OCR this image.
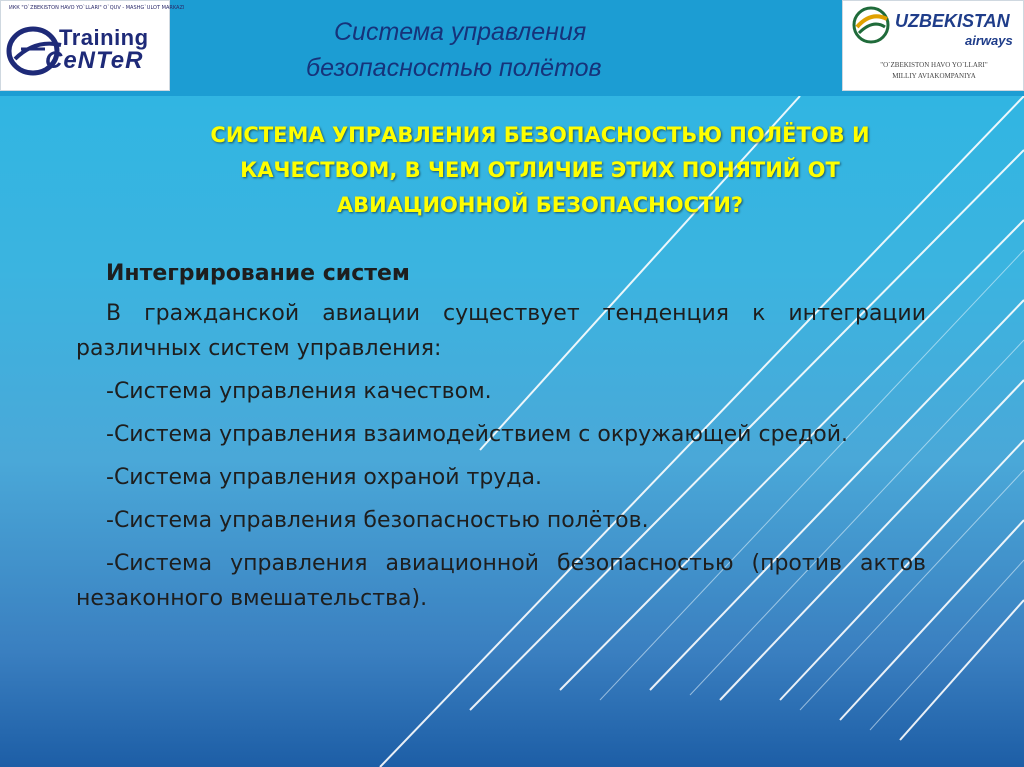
ИКК "O`ZBEKISTON HAVO YO`LLARI" O`QUV - MASHG`ULOT MARKAZI
Training
CeNTeR
Система управления
безопасностью полётов
UZBEKISTAN
airways
"O`ZBEKISTON HAVO YO`LLARI"
MILLIY AVIAKOMPANIYA
СИСТЕМА УПРАВЛЕНИЯ БЕЗОПАСНОСТЬЮ ПОЛЁТОВ И
КАЧЕСТВОМ, В ЧЕМ ОТЛИЧИЕ ЭТИХ ПОНЯТИЙ ОТ
АВИАЦИОННОЙ БЕЗОПАСНОСТИ?
Интегрирование систем

В гражданской авиации существует тенденция к интеграции различных систем управления:

-Система управления качеством.

-Система управления взаимодействием с окружающей средой.

-Система управления охраной труда.

-Система управления безопасностью полётов.

-Система управления авиационной безопасностью (против актов незаконного вмешательства).
